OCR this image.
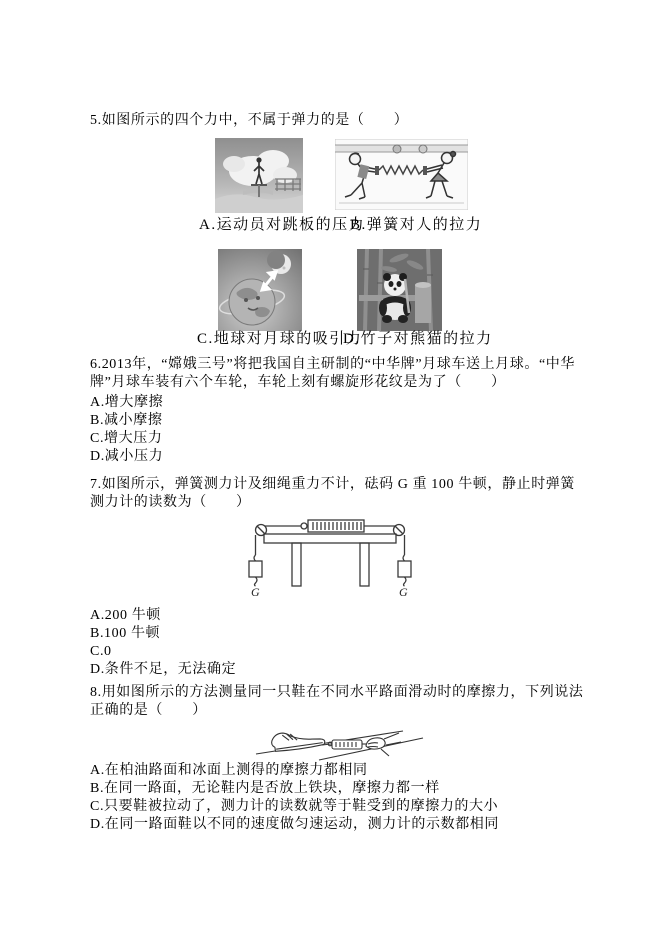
5.如图所示的四个力中，不属于弹力的是（　　）

A.运动员对跳板的压力
B.弹簧对人的拉力
C.地球对月球的吸引力
D.竹子对熊猫的拉力

6.2013年，“嫦娥三号”将把我国自主研制的“中华牌”月球车送上月球。“中华牌”月球车装有六个车轮，车轮上刻有螺旋形花纹是为了（　　）

A.增大摩擦
B.减小摩擦
C.增大压力
D.减小压力

7.如图所示，弹簧测力计及细绳重力不计，砝码 G 重 100 牛顿，静止时弹簧测力计的读数为（　　）

G	G
A.200 牛顿
B.100 牛顿
C.0
D.条件不足，无法确定

8.用如图所示的方法测量同一只鞋在不同水平路面滑动时的摩擦力，下列说法正确的是（　　）

A.在柏油路面和冰面上测得的摩擦力都相同
B.在同一路面，无论鞋内是否放上铁块，摩擦力都一样
C.只要鞋被拉动了，测力计的读数就等于鞋受到的摩擦力的大小
D.在同一路面鞋以不同的速度做匀速运动，测力计的示数都相同
